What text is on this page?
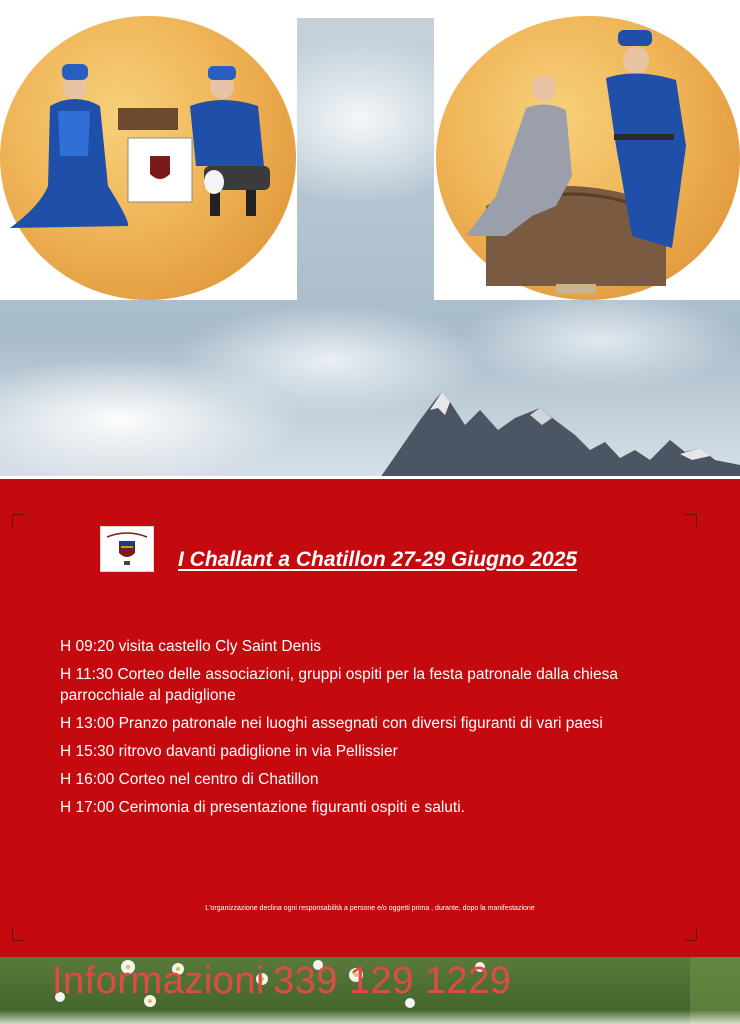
I Challant a Chatillon 27-29 Giugno 2025
H 09:20 visita castello Cly Saint Denis
H 11:30 Corteo delle associazioni, gruppi ospiti per la festa patronale dalla chiesa parrocchiale al padiglione
H 13:00 Pranzo patronale nei luoghi assegnati con diversi figuranti di vari paesi
H 15:30 ritrovo davanti padiglione in via Pellissier
H 16:00 Corteo nel centro di Chatillon
H 17:00 Cerimonia di presentazione figuranti ospiti e saluti.
L'organizzazione declina ogni responsabilità a persone e/o oggetti prima , durante, dopo la manifestazione
Informazioni 339 129 1229
